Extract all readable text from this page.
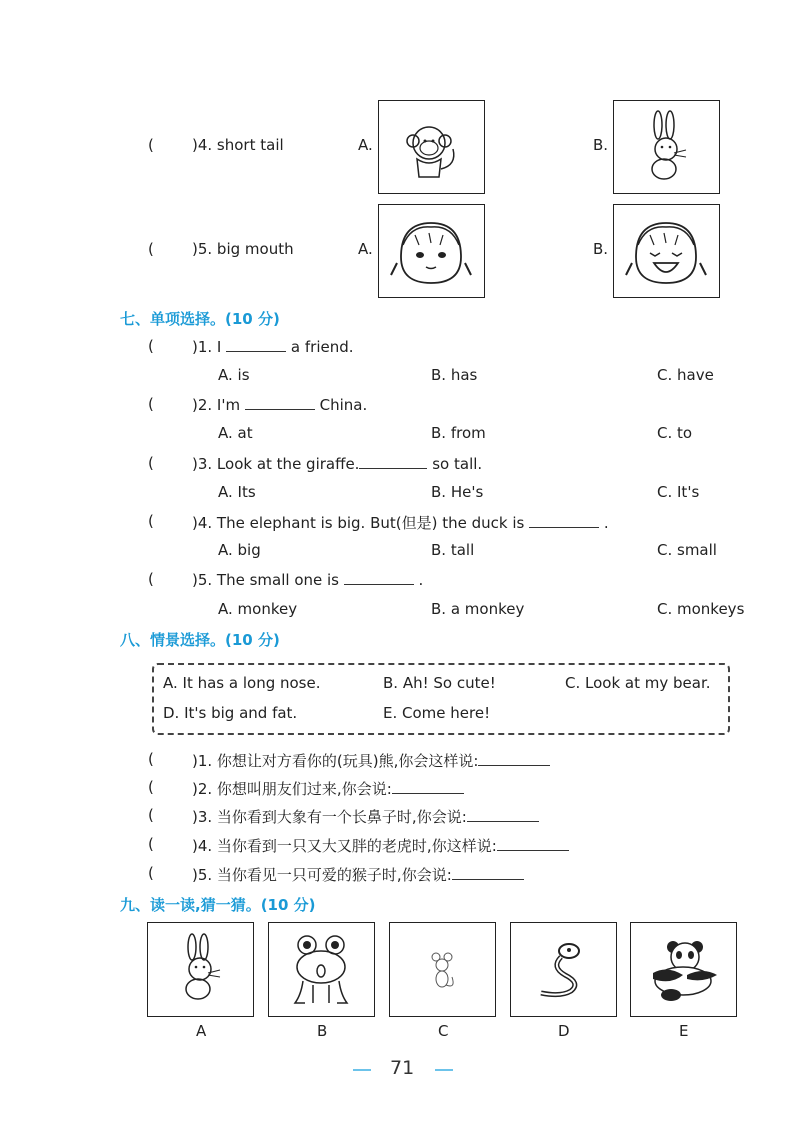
(	)4. short tail	A.	B.
(	)5. big mouth	A.	B.
七、单项选择。(10 分)
(	)1. I	a friend.
A. is	B. has	C. have
(	)2. I'm	China.
A. at	B. from	C. to
(	)3. Look at the giraffe.	so tall.
A. Its	B. He's	C. It's
(	)4. The elephant is big. But(但是) the duck is	.
A. big	B. tall	C. small
(	)5. The small one is	.
A. monkey	B. a monkey	C. monkeys
八、情景选择。(10 分)
A. It has a long nose.	B. Ah! So cute!	C. Look at my bear.
D. It's big and fat.	E. Come here!
(	)1. 你想让对方看你的(玩具)熊,你会这样说:
(	)2. 你想叫朋友们过来,你会说:
(	)3. 当你看到大象有一个长鼻子时,你会说:
(	)4. 当你看到一只又大又胖的老虎时,你这样说:
(	)5. 当你看见一只可爱的猴子时,你会说:
九、读一读,猜一猜。(10 分)
A	B	C	D	E
71
